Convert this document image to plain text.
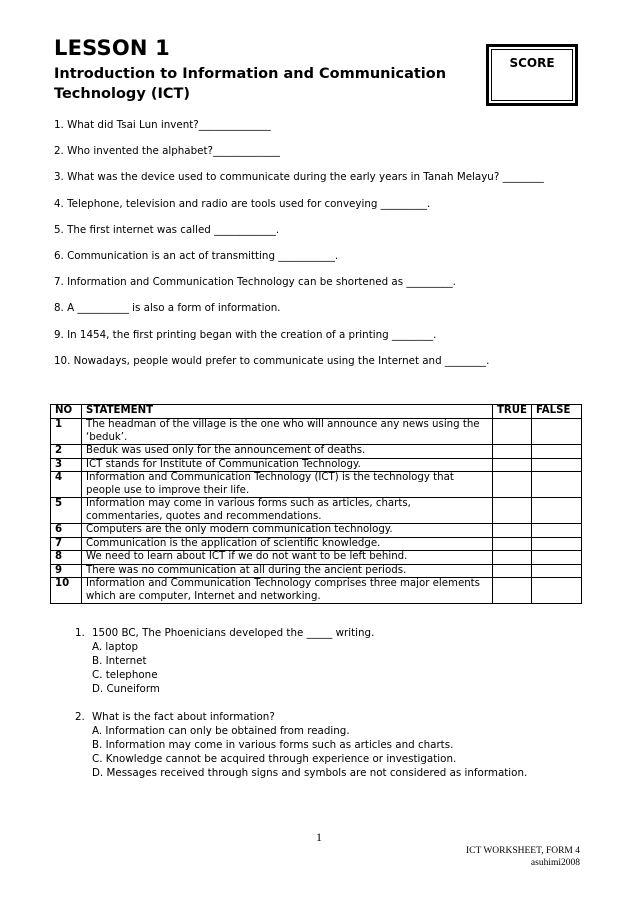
LESSON 1
Introduction to Information and Communication Technology (ICT)
SCORE
1. What did Tsai Lun invent?______________
2. Who invented the alphabet?_____________
3. What was the device used to communicate during the early years in Tanah Melayu? ________
4. Telephone, television and radio are tools used for conveying _________.
5. The first internet was called ____________.
6. Communication is an act of transmitting ___________.
7. Information and Communication Technology can be shortened as _________.
8. A __________ is also a form of information.
9. In 1454, the first printing began with the creation of a printing ________.
10. Nowadays, people would prefer to communicate using the Internet and ________.
NO	STATEMENT	TRUE	FALSE
1	The headman of the village is the one who will announce any news using the ‘beduk’.		
2	Beduk was used only for the announcement of deaths.		
3	ICT stands for Institute of Communication Technology.		
4	Information and Communication Technology (ICT) is the technology that people use to improve their life.		
5	Information may come in various forms such as articles, charts, commentaries, quotes and recommendations.		
6	Computers are the only modern communication technology.		
7	Communication is the application of scientific knowledge.		
8	We need to learn about ICT if we do not want to be left behind.		
9	There was no communication at all during the ancient periods.		
10	Information and Communication Technology comprises three major elements which are computer, Internet and networking.		
1. 1500 BC, The Phoenicians developed the _____ writing.
A. laptop
B. Internet
C. telephone
D. Cuneiform
2. What is the fact about information?
A. Information can only be obtained from reading.
B. Information may come in various forms such as articles and charts.
C. Knowledge cannot be acquired through experience or investigation.
D. Messages received through signs and symbols are not considered as information.
1
ICT WORKSHEET, FORM 4
asuhimi2008
